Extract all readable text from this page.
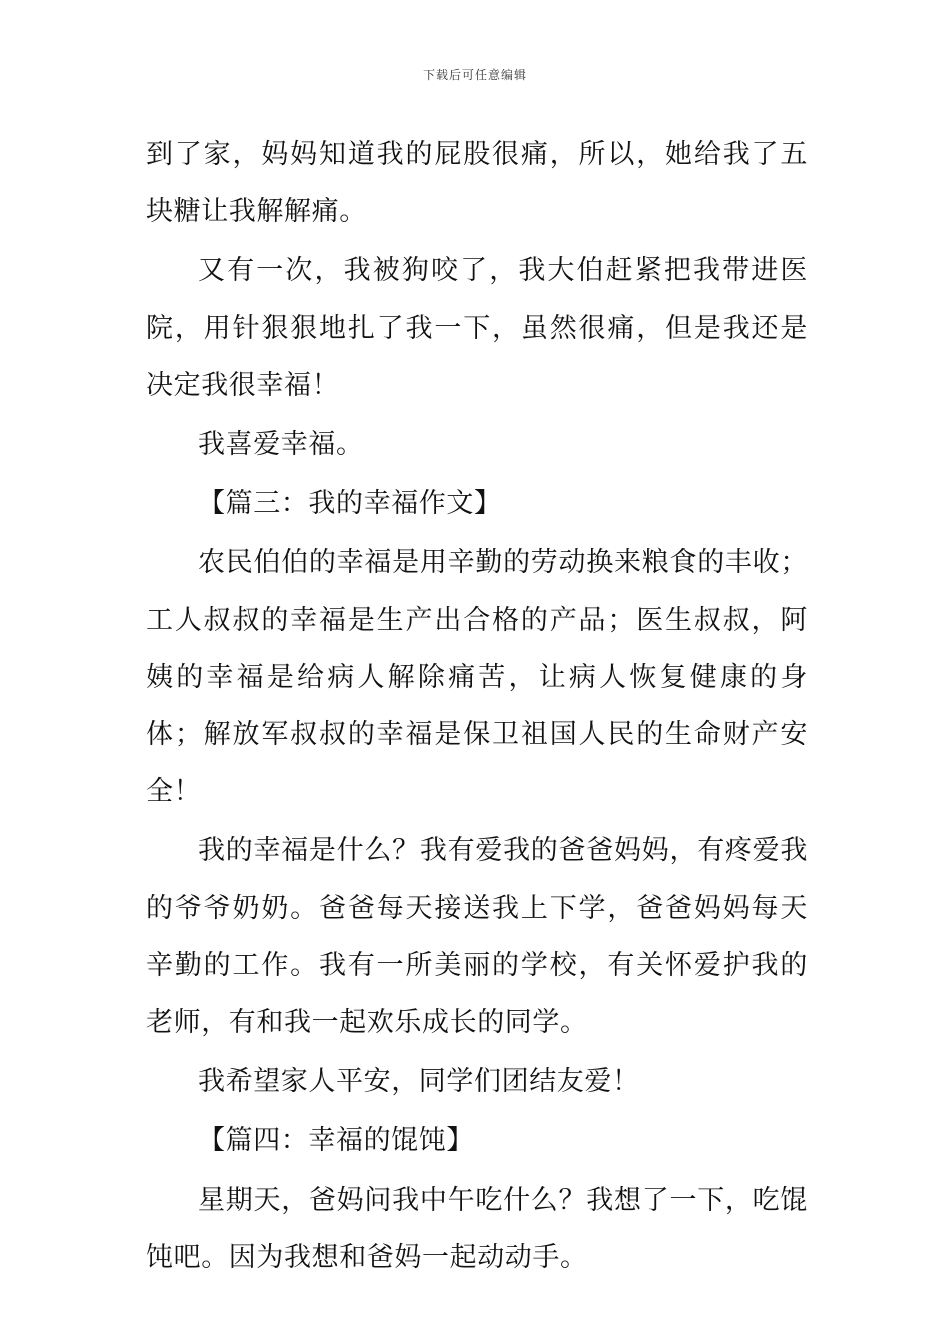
下载后可任意编辑

到了家，妈妈知道我的屁股很痛，所以，她给我了五块糖让我解解痛。

又有一次，我被狗咬了，我大伯赶紧把我带进医院，用针狠狠地扎了我一下，虽然很痛，但是我还是决定我很幸福！

我喜爱幸福。

【篇三：我的幸福作文】

农民伯伯的幸福是用辛勤的劳动换来粮食的丰收；工人叔叔的幸福是生产出合格的产品；医生叔叔，阿姨的幸福是给病人解除痛苦，让病人恢复健康的身体；解放军叔叔的幸福是保卫祖国人民的生命财产安全！

我的幸福是什么？我有爱我的爸爸妈妈，有疼爱我的爷爷奶奶。爸爸每天接送我上下学，爸爸妈妈每天辛勤的工作。我有一所美丽的学校，有关怀爱护我的老师，有和我一起欢乐成长的同学。

我希望家人平安，同学们团结友爱！

【篇四：幸福的馄饨】

星期天，爸妈问我中午吃什么？我想了一下，吃馄饨吧。因为我想和爸妈一起动动手。
